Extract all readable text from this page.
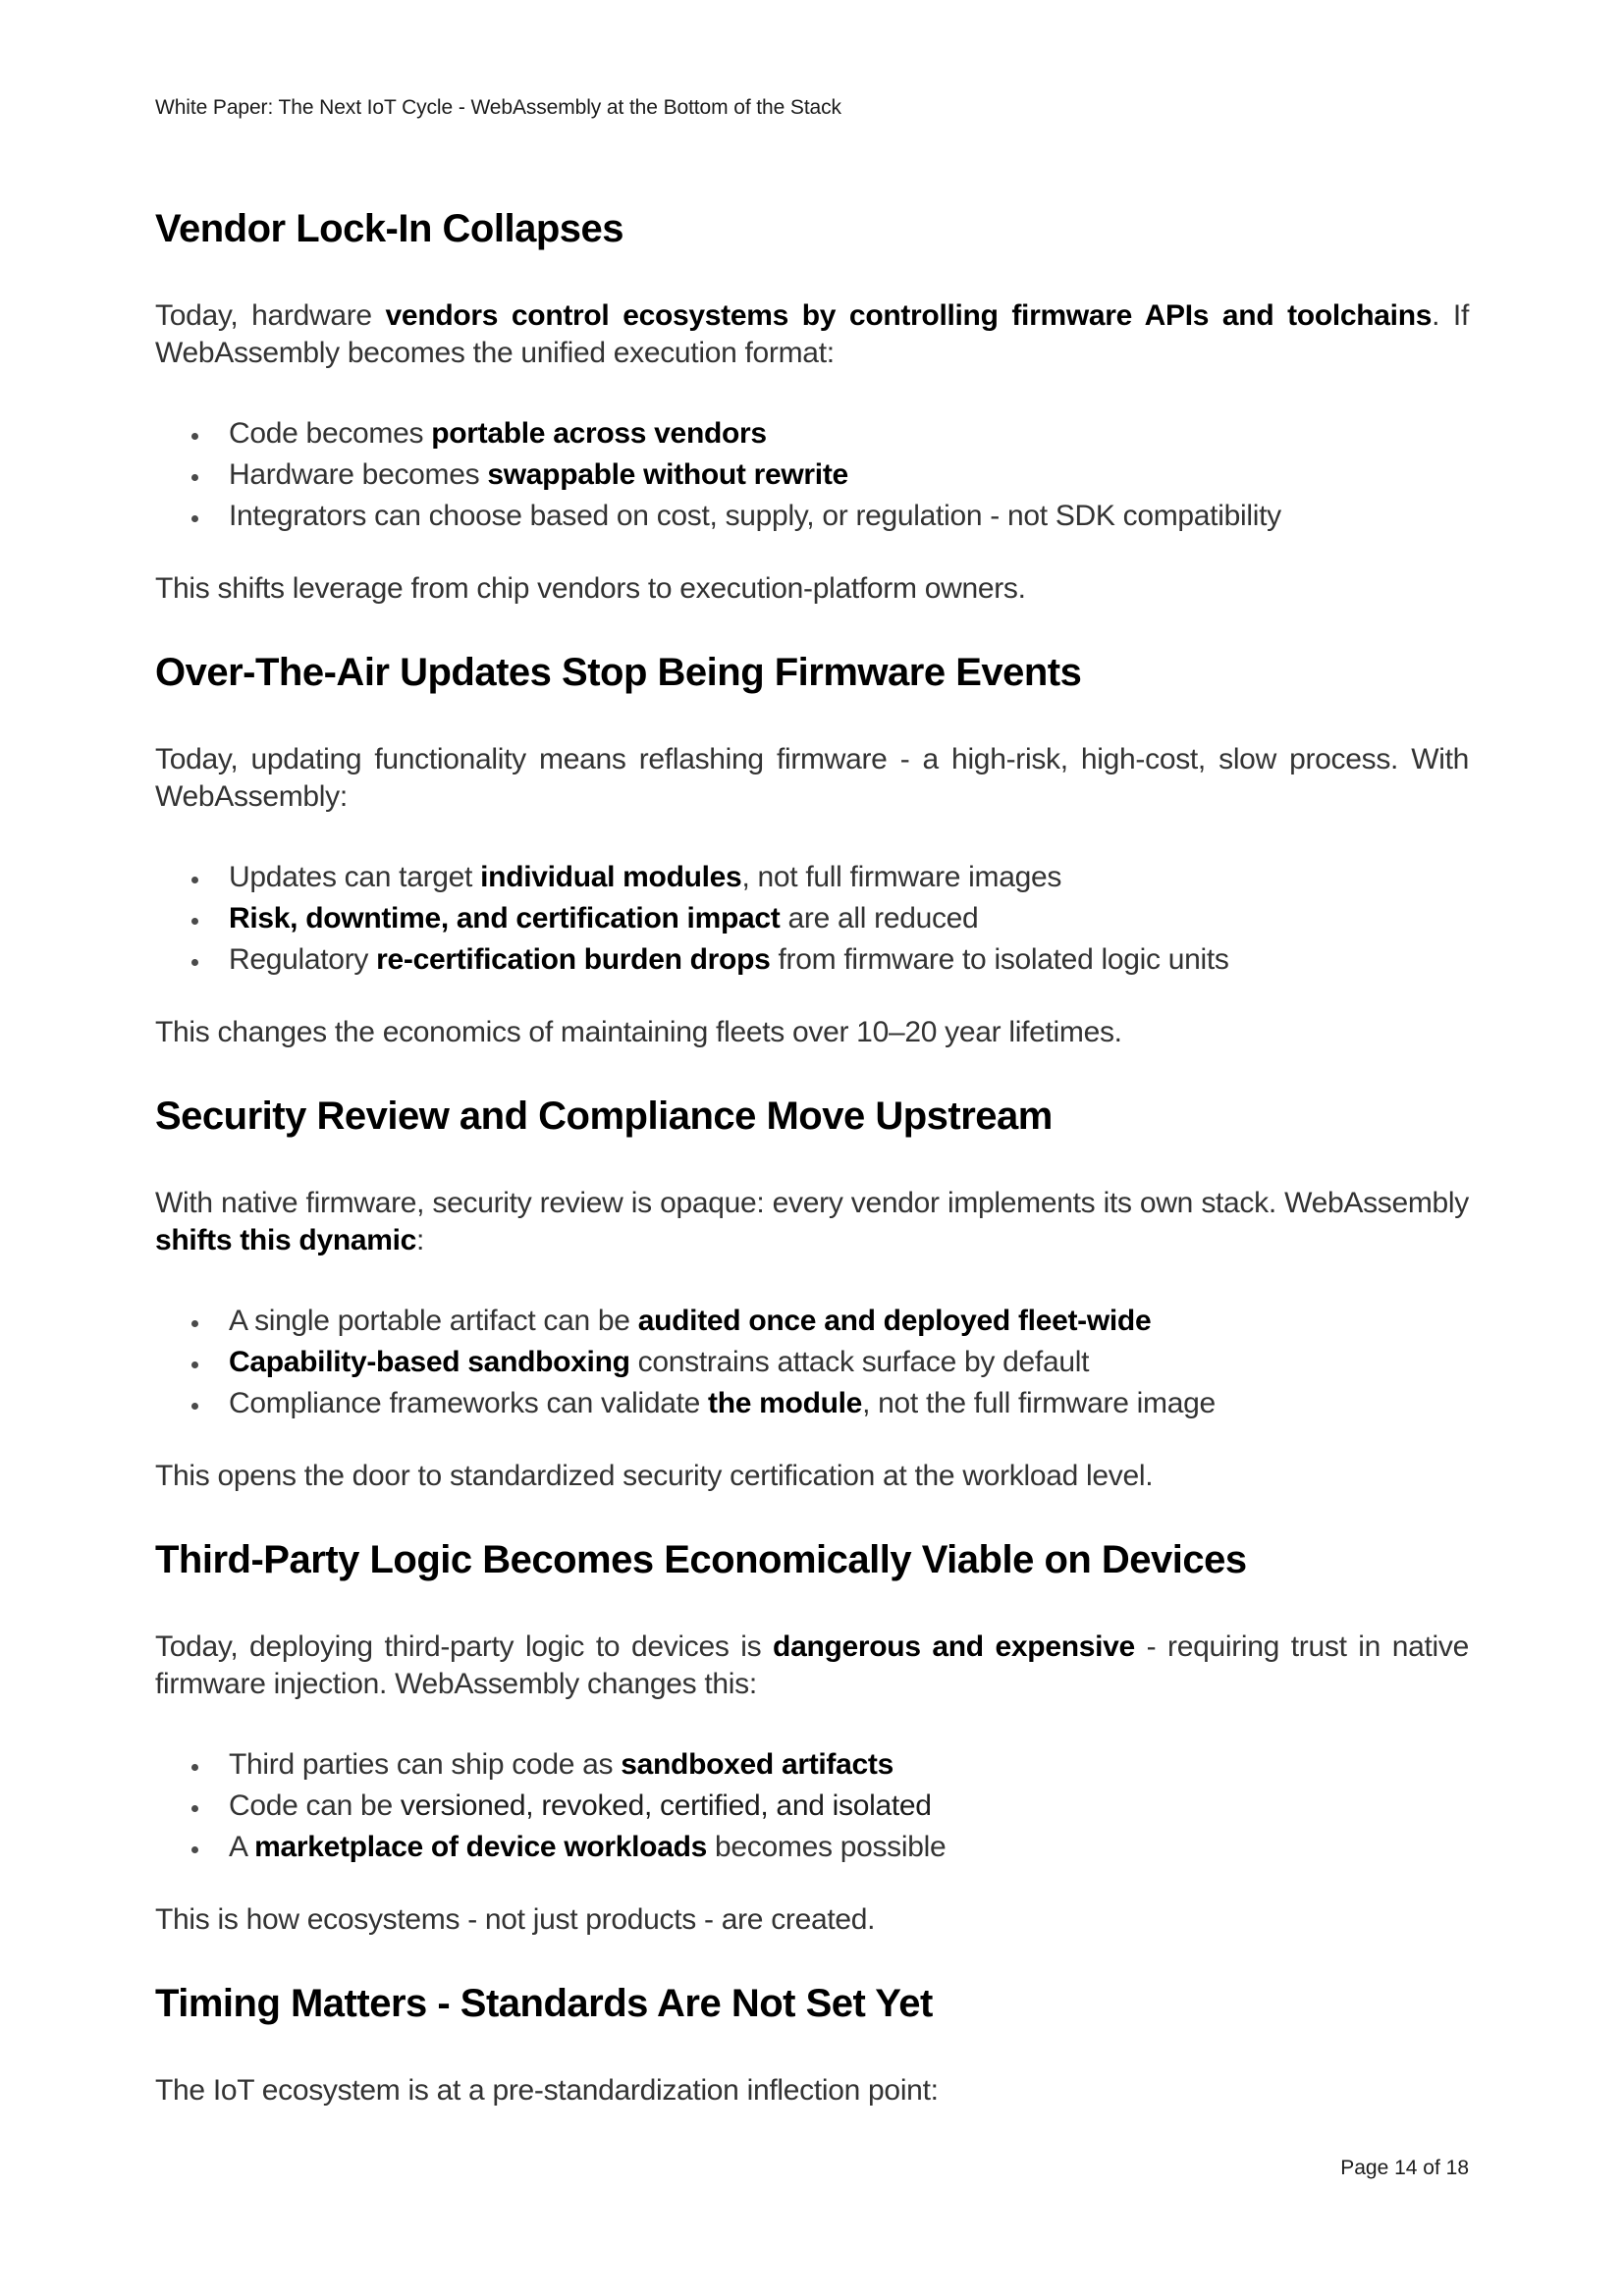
White Paper: The Next IoT Cycle - WebAssembly at the Bottom of the Stack
Vendor Lock-In Collapses

Today, hardware vendors control ecosystems by controlling firmware APIs and toolchains. If WebAssembly becomes the unified execution format:

Code becomes portable across vendors
Hardware becomes swappable without rewrite
Integrators can choose based on cost, supply, or regulation - not SDK compatibility

This shifts leverage from chip vendors to execution-platform owners.

Over-The-Air Updates Stop Being Firmware Events

Today, updating functionality means reflashing firmware - a high-risk, high-cost, slow process. With WebAssembly:

Updates can target individual modules, not full firmware images
Risk, downtime, and certification impact are all reduced
Regulatory re-certification burden drops from firmware to isolated logic units

This changes the economics of maintaining fleets over 10–20 year lifetimes.

Security Review and Compliance Move Upstream

With native firmware, security review is opaque: every vendor implements its own stack. WebAssembly shifts this dynamic:

A single portable artifact can be audited once and deployed fleet-wide
Capability-based sandboxing constrains attack surface by default
Compliance frameworks can validate the module, not the full firmware image

This opens the door to standardized security certification at the workload level.

Third-Party Logic Becomes Economically Viable on Devices

Today, deploying third-party logic to devices is dangerous and expensive - requiring trust in native firmware injection. WebAssembly changes this:

Third parties can ship code as sandboxed artifacts
Code can be versioned, revoked, certified, and isolated
A marketplace of device workloads becomes possible

This is how ecosystems - not just products - are created.

Timing Matters - Standards Are Not Set Yet

The IoT ecosystem is at a pre-standardization inflection point:

Page 14 of 18
